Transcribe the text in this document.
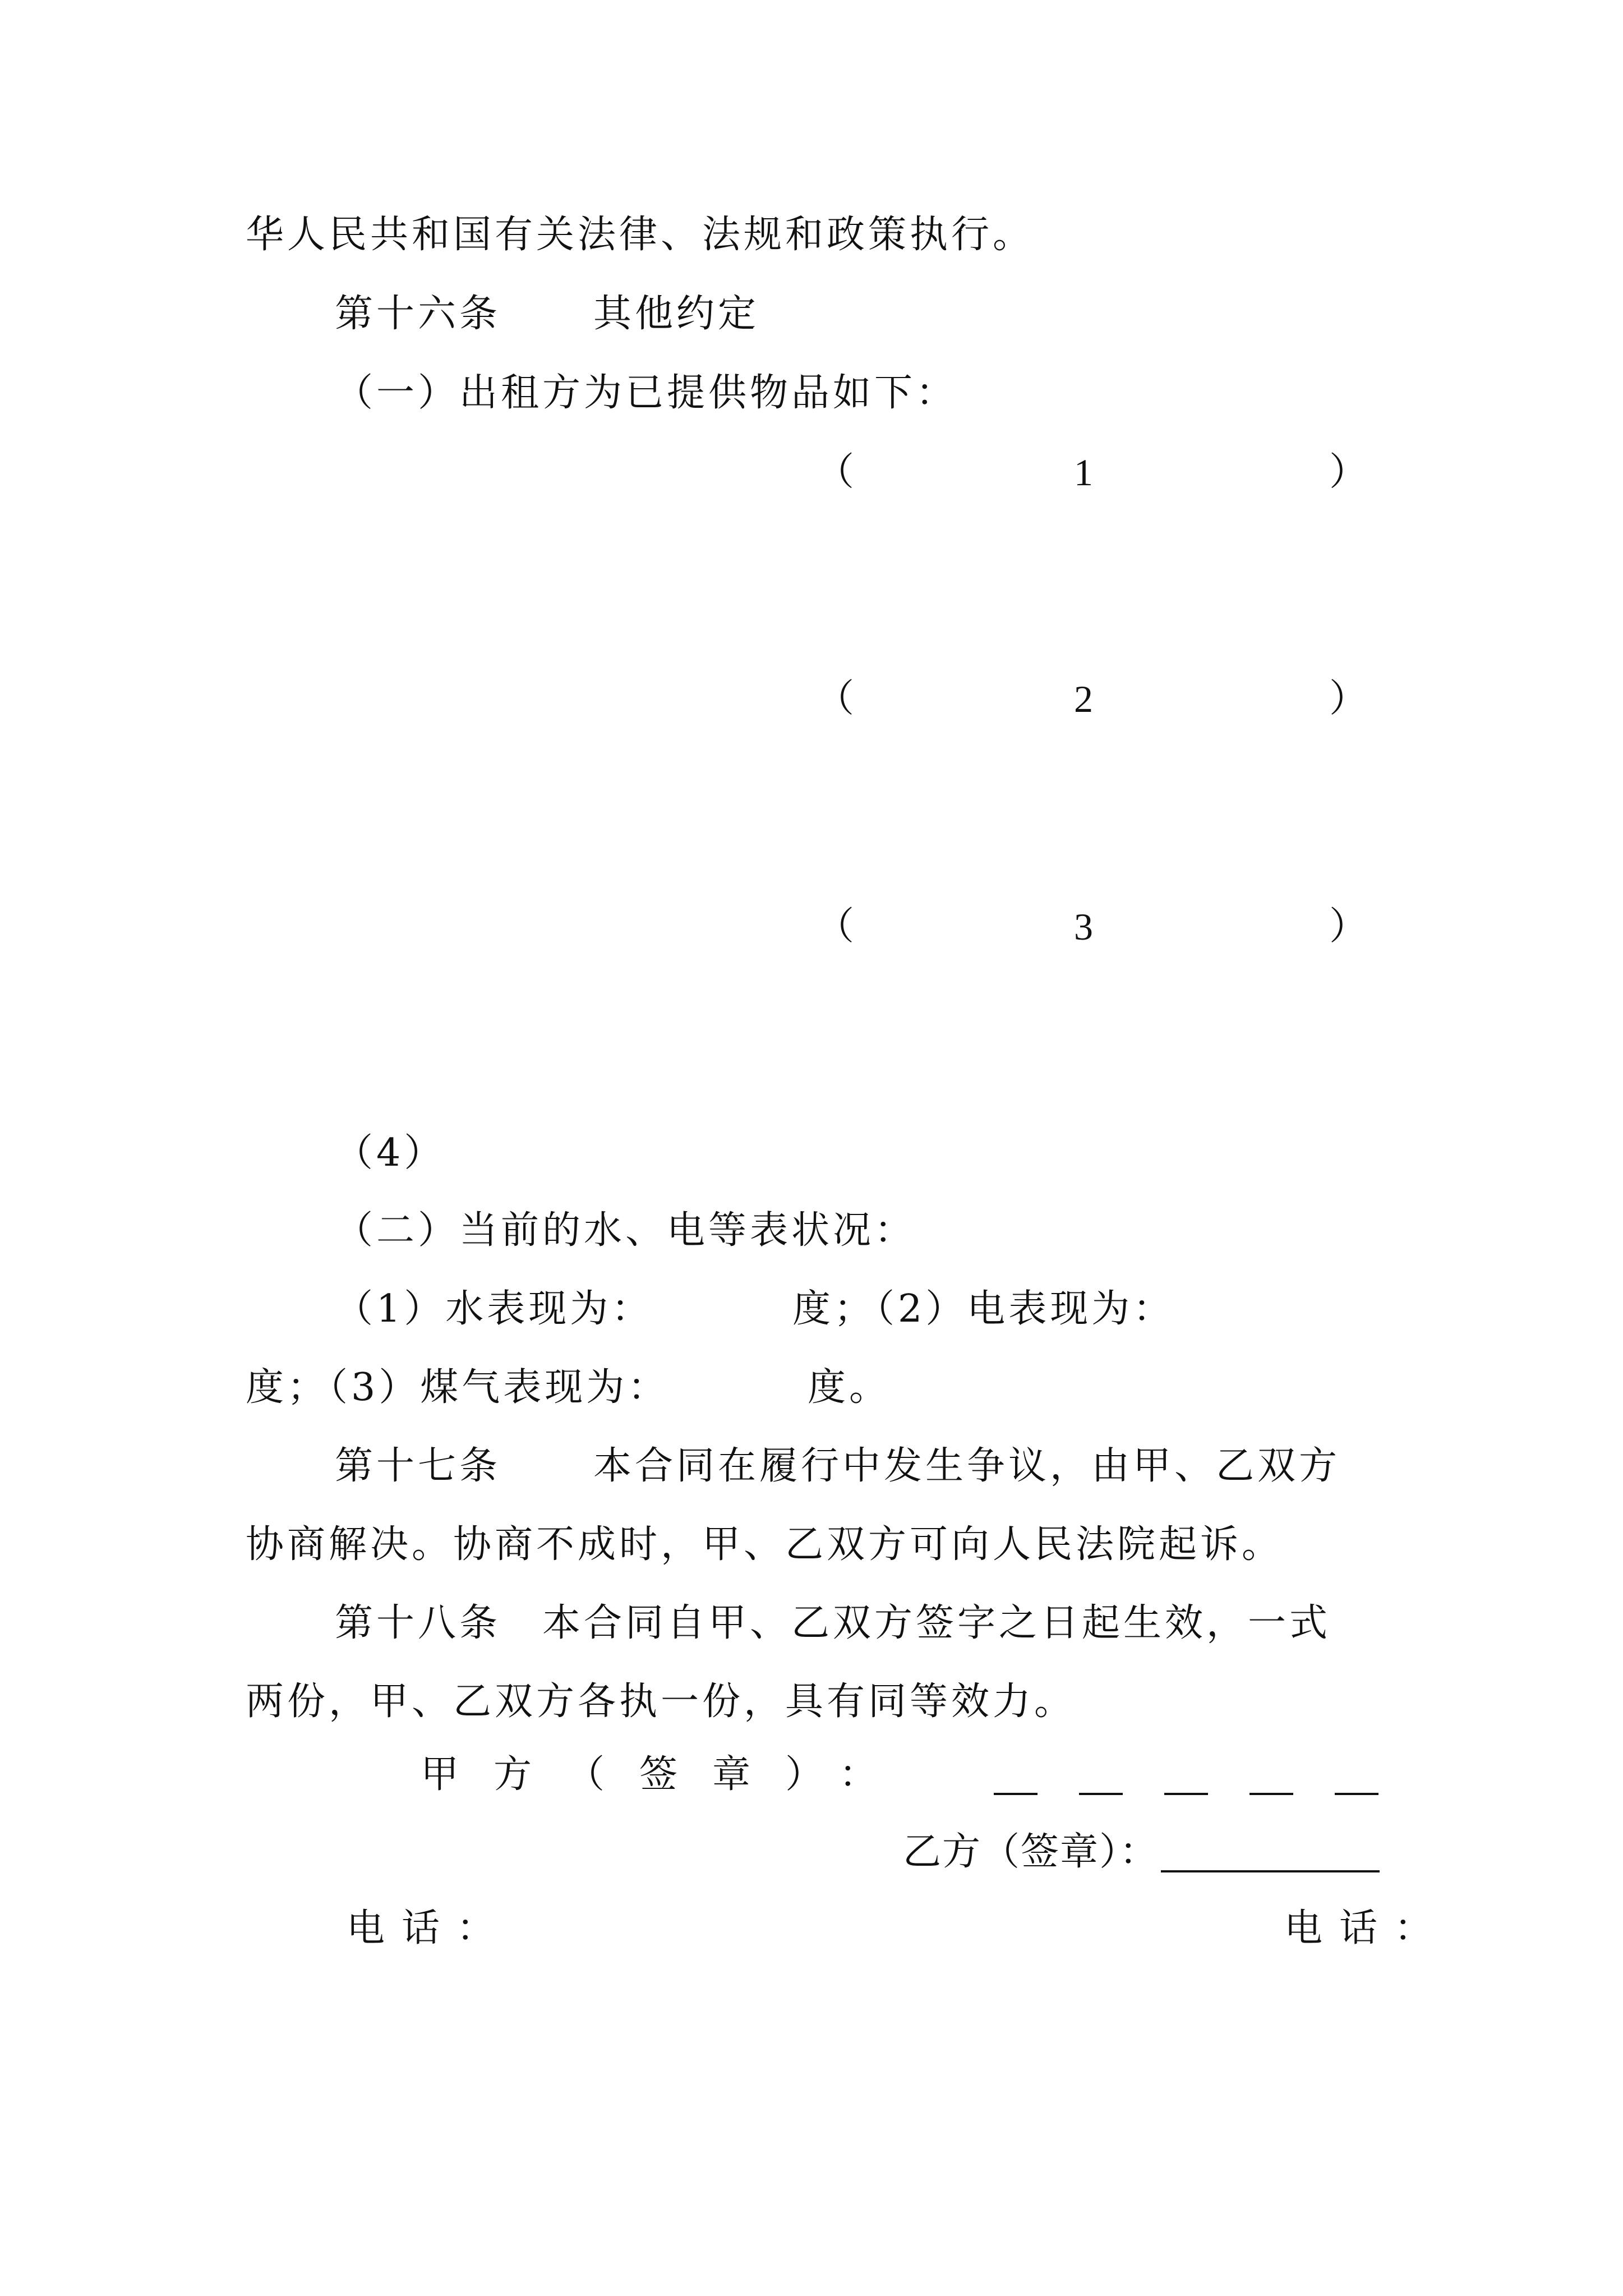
华人民共和国有关法律、法规和政策执行。
第十六条 其他约定
（一）出租方为已提供物品如下：
（	1	）
（	2	）
（	3	）
（4）
（二）当前的水、电等表状况：
（1）水表现为：	度；（2）电表现为：
度；（3）煤气表现为：	度。
第十七条 本合同在履行中发生争议，由甲、乙双方
协商解决。协商不成时，甲、乙双方可向人民法院起诉。
第十八条　本合同自甲、乙双方签字之日起生效，一式
两份，甲、乙双方各执一份，具有同等效力。
甲方（签章）：
乙方（签章）：
电话：	电话：
